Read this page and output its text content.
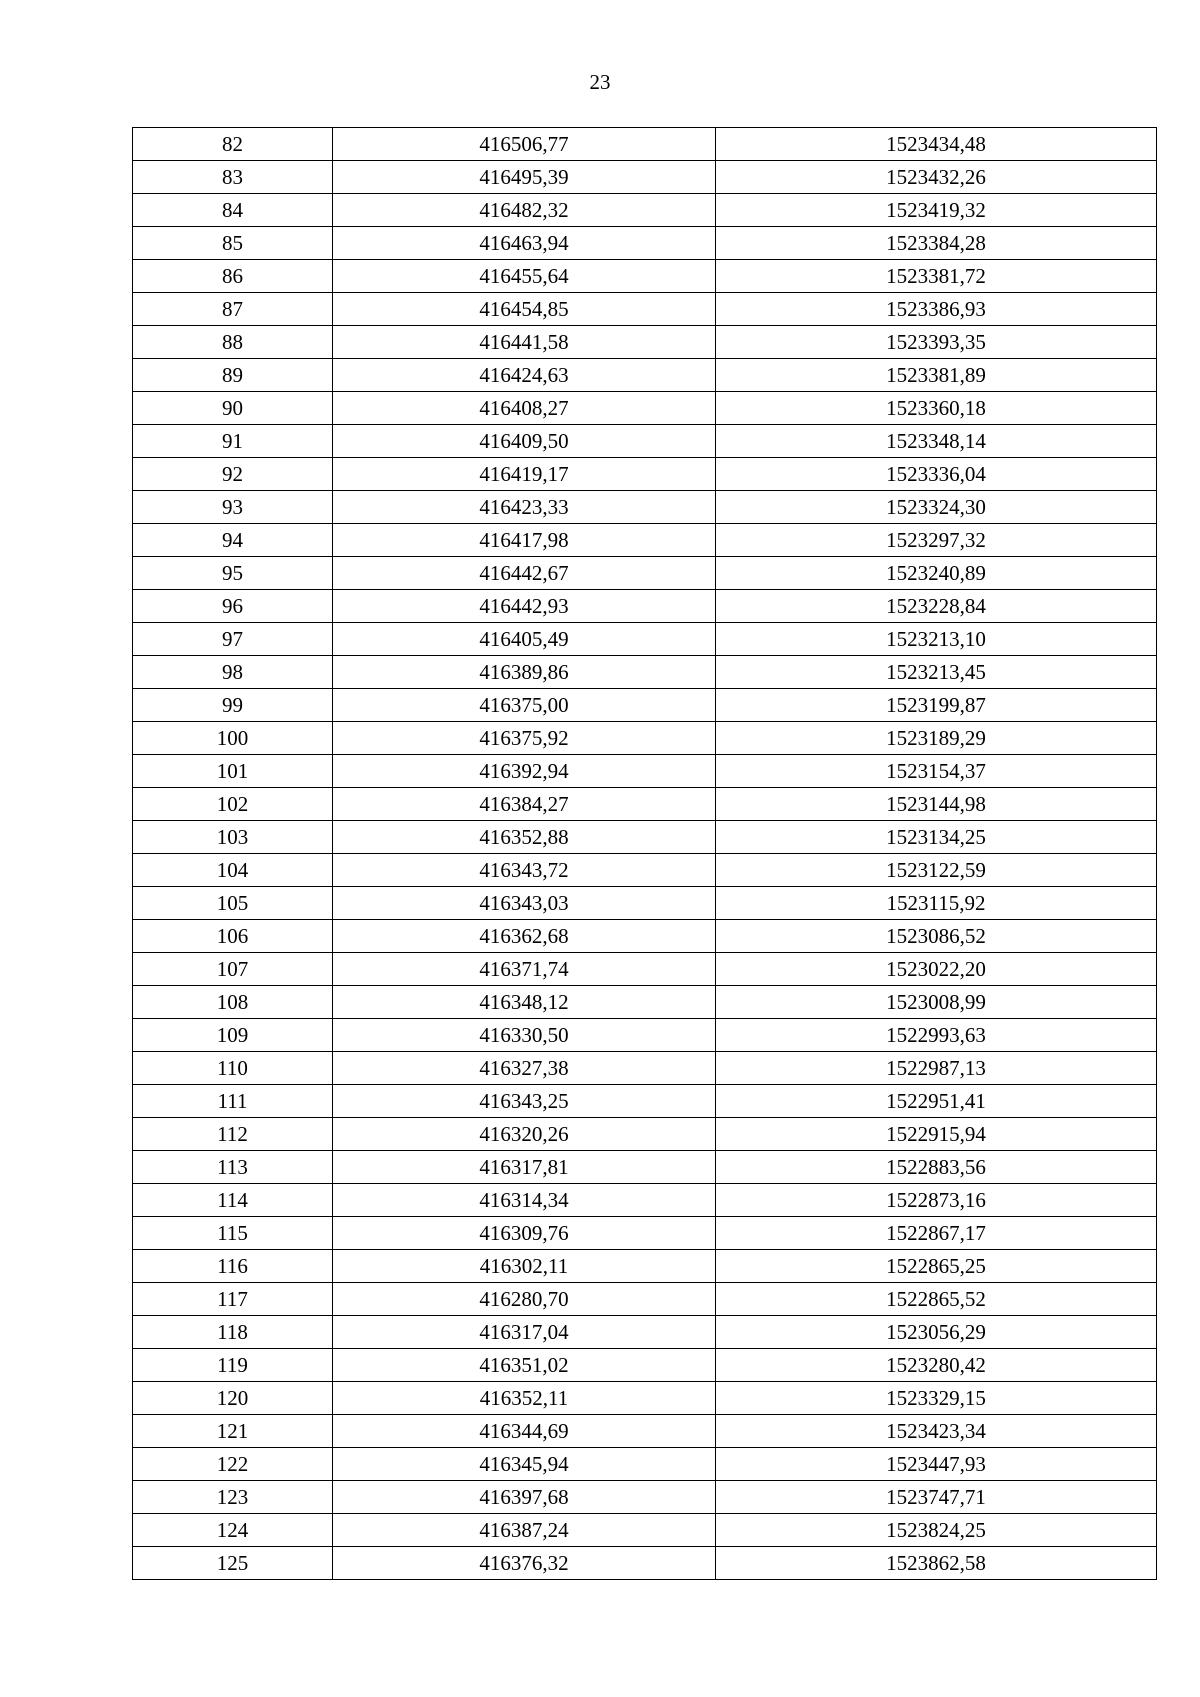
23
82	416506,77	1523434,48
83	416495,39	1523432,26
84	416482,32	1523419,32
85	416463,94	1523384,28
86	416455,64	1523381,72
87	416454,85	1523386,93
88	416441,58	1523393,35
89	416424,63	1523381,89
90	416408,27	1523360,18
91	416409,50	1523348,14
92	416419,17	1523336,04
93	416423,33	1523324,30
94	416417,98	1523297,32
95	416442,67	1523240,89
96	416442,93	1523228,84
97	416405,49	1523213,10
98	416389,86	1523213,45
99	416375,00	1523199,87
100	416375,92	1523189,29
101	416392,94	1523154,37
102	416384,27	1523144,98
103	416352,88	1523134,25
104	416343,72	1523122,59
105	416343,03	1523115,92
106	416362,68	1523086,52
107	416371,74	1523022,20
108	416348,12	1523008,99
109	416330,50	1522993,63
110	416327,38	1522987,13
111	416343,25	1522951,41
112	416320,26	1522915,94
113	416317,81	1522883,56
114	416314,34	1522873,16
115	416309,76	1522867,17
116	416302,11	1522865,25
117	416280,70	1522865,52
118	416317,04	1523056,29
119	416351,02	1523280,42
120	416352,11	1523329,15
121	416344,69	1523423,34
122	416345,94	1523447,93
123	416397,68	1523747,71
124	416387,24	1523824,25
125	416376,32	1523862,58
